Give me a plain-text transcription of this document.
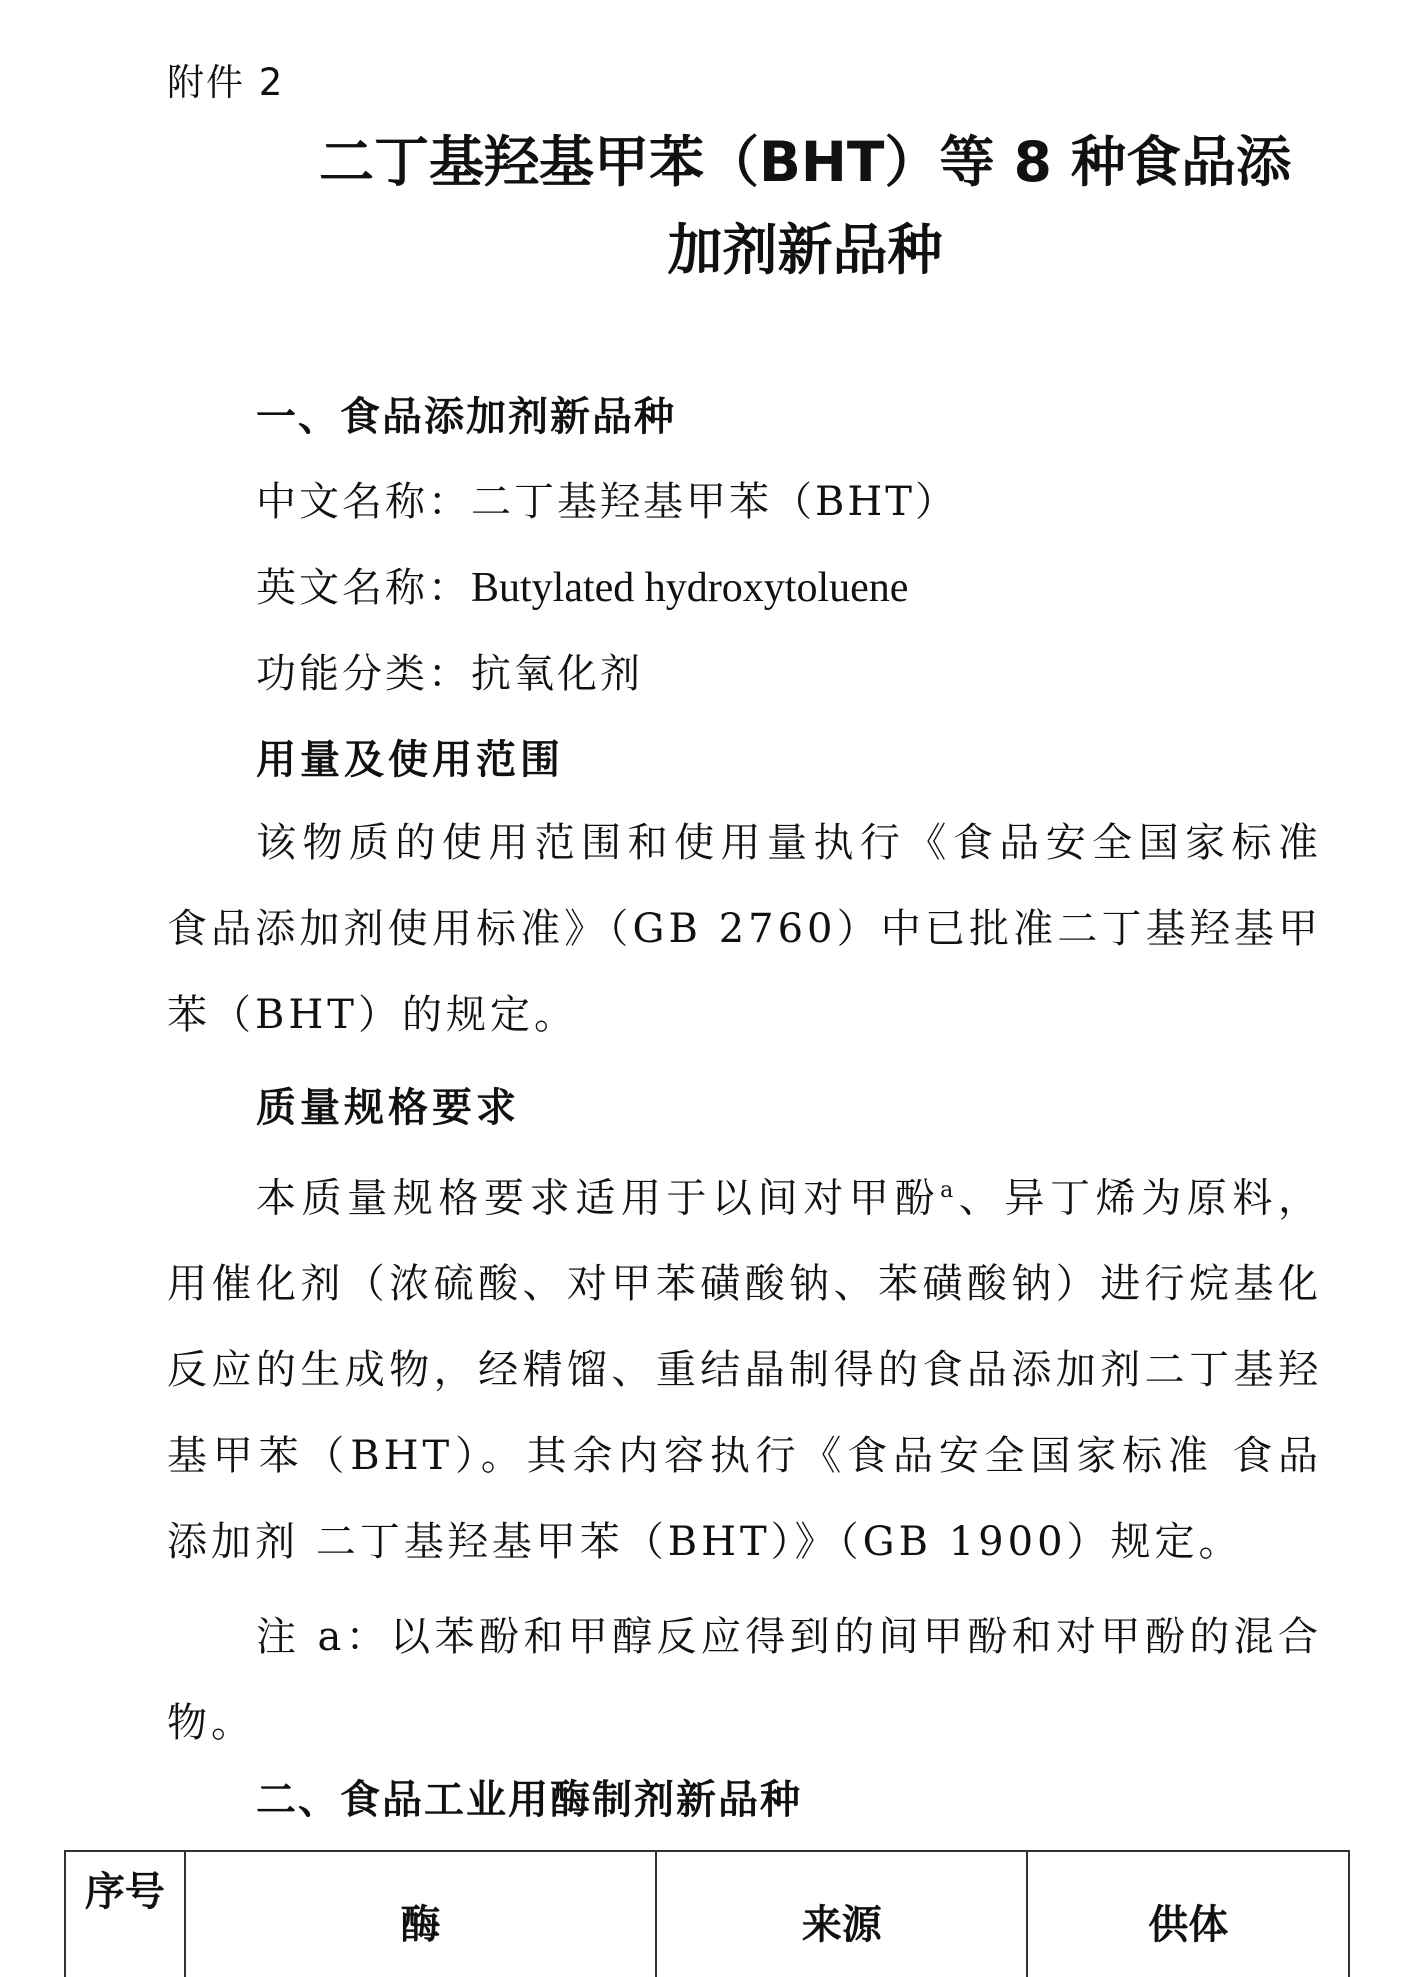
附件 2
二丁基羟基甲苯（BHT）等 8 种食品添
加剂新品种
一、食品添加剂新品种
中文名称：二丁基羟基甲苯（BHT）
英文名称：Butylated hydroxytoluene
功能分类：抗氧化剂
用量及使用范围
该物质的使用范围和使用量执行《食品安全国家标准 食品添加剂使用标准》（GB 2760）中已批准二丁基羟基甲苯（BHT）的规定。
质量规格要求
本质量规格要求适用于以间对甲酚$^a$、异丁烯为原料，用催化剂（浓硫酸、对甲苯磺酸钠、苯磺酸钠）进行烷基化反应的生成物，经精馏、重结晶制得的食品添加剂二丁基羟基甲苯（BHT）。其余内容执行《食品安全国家标准 食品添加剂 二丁基羟基甲苯（BHT）》（GB 1900）规定。
注 a：以苯酚和甲醇反应得到的间甲酚和对甲酚的混合物。
二、食品工业用酶制剂新品种
序号	酶	来源	供体
